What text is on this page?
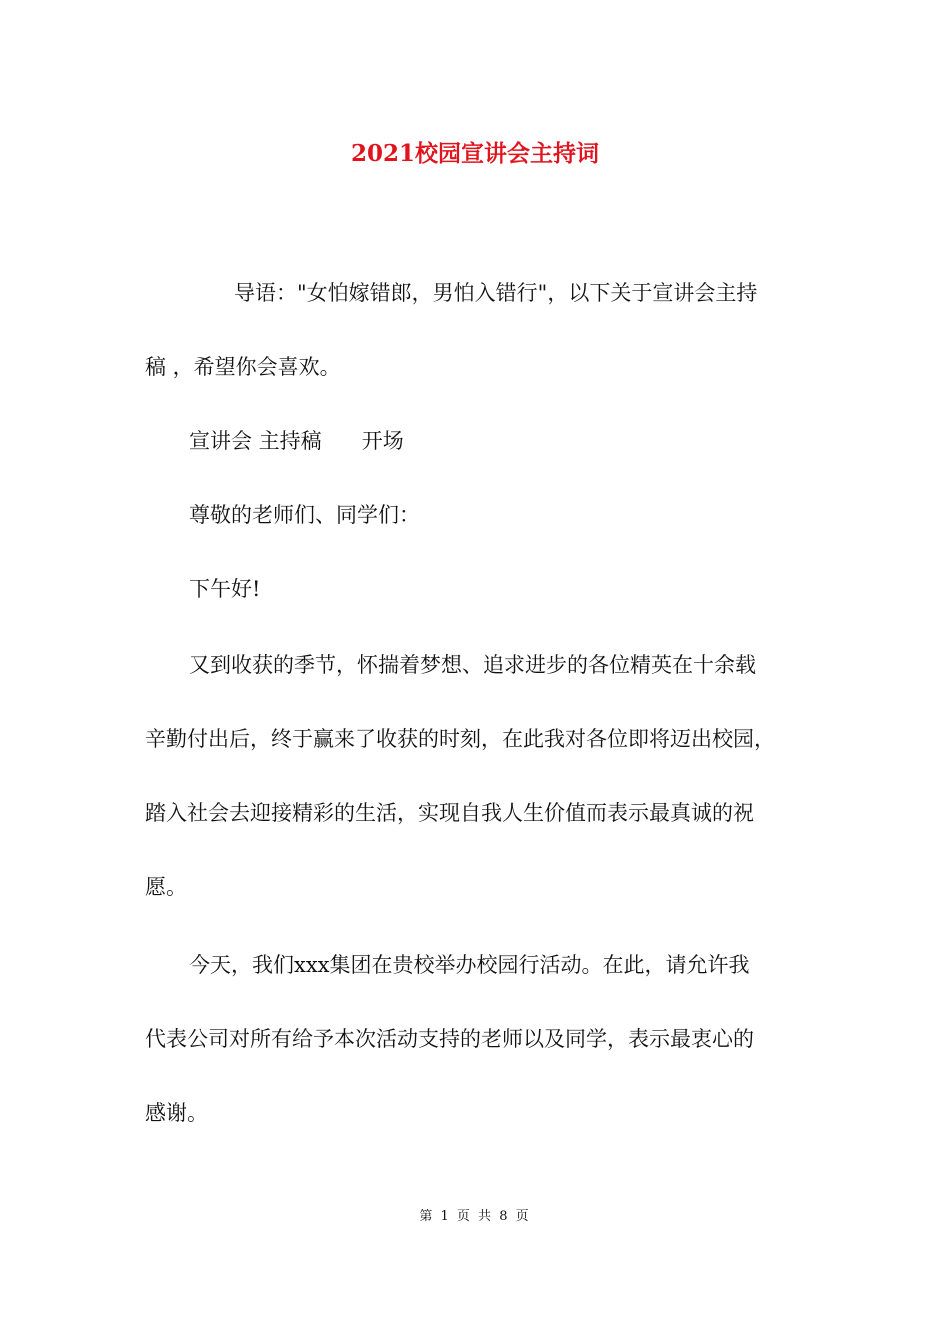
2021校园宣讲会主持词
导语："女怕嫁错郎，男怕入错行"，以下关于宣讲会主持
稿 ，希望你会喜欢。
宣讲会 主持稿      开场
尊敬的老师们、同学们：
下午好!
又到收获的季节，怀揣着梦想、追求进步的各位精英在十余载
辛勤付出后，终于赢来了收获的时刻，在此我对各位即将迈出校园，
踏入社会去迎接精彩的生活，实现自我人生价值而表示最真诚的祝
愿。
今天，我们xxx集团在贵校举办校园行活动。在此，请允许我
代表公司对所有给予本次活动支持的老师以及同学，表示最衷心的
感谢。
第 1 页 共 8 页
